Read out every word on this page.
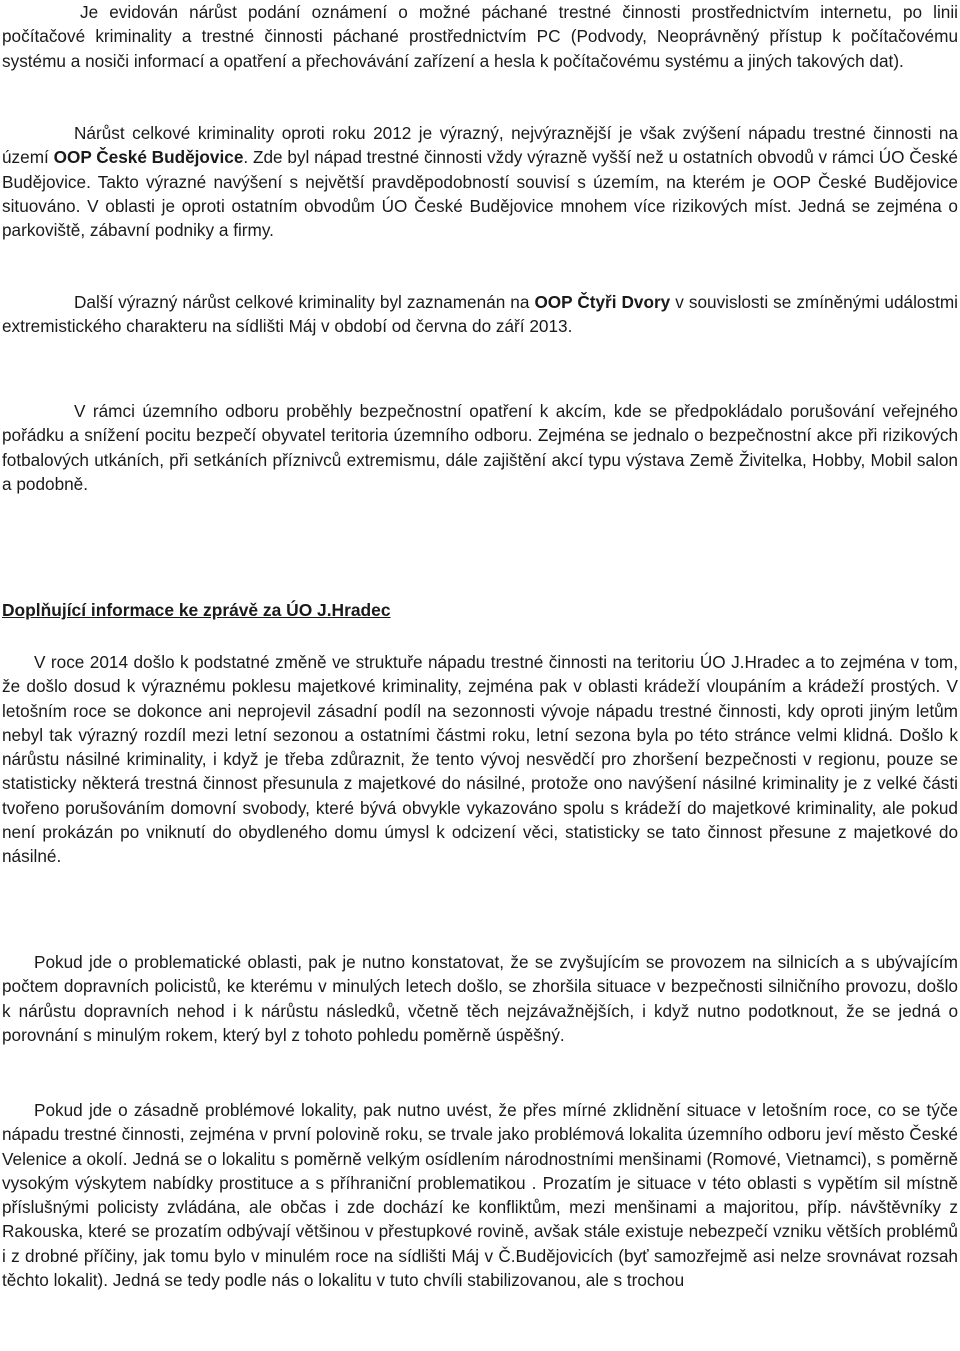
Je evidován nárůst podání oznámení o možné páchané trestné činnosti prostřednictvím internetu, po linii počítačové kriminality a trestné činnosti páchané prostřednictvím PC (Podvody, Neoprávněný přístup k počítačovému systému a nosiči informací a opatření a přechovávání zařízení a hesla k počítačovému systému a jiných takových dat).

Nárůst celkové kriminality oproti roku 2012 je výrazný, nejvýraznější je však zvýšení nápadu trestné činnosti na území OOP České Budějovice. Zde byl nápad trestné činnosti vždy výrazně vyšší než u ostatních obvodů v rámci ÚO České Budějovice. Takto výrazné navýšení s největší pravděpodobností souvisí s územím, na kterém je OOP České Budějovice situováno. V oblasti je oproti ostatním obvodům ÚO České Budějovice mnohem více rizikových míst. Jedná se zejména o parkoviště, zábavní podniky a firmy.

Další výrazný nárůst celkové kriminality byl zaznamenán na OOP Čtyři Dvory v souvislosti se zmíněnými událostmi extremistického charakteru na sídlišti Máj v období od června do září 2013.

V rámci územního odboru proběhly bezpečnostní opatření k akcím, kde se předpokládalo porušování veřejného pořádku a snížení pocitu bezpečí obyvatel teritoria územního odboru. Zejména se jednalo o bezpečnostní akce při rizikových fotbalových utkáních, při setkáních příznivců extremismu, dále zajištění akcí typu výstava Země Živitelka, Hobby, Mobil salon a podobně.

Doplňující informace ke zprávě za ÚO J.Hradec

V roce 2014 došlo k podstatné změně ve struktuře nápadu trestné činnosti na teritoriu ÚO J.Hradec a to zejména v tom, že došlo dosud k výraznému poklesu majetkové kriminality, zejména pak v oblasti krádeží vloupáním a krádeží prostých. V letošním roce se dokonce ani neprojevil zásadní podíl na sezonnosti vývoje nápadu trestné činnosti, kdy oproti jiným letům nebyl tak výrazný rozdíl mezi letní sezonou a ostatními částmi roku, letní sezona byla po této stránce velmi klidná. Došlo k nárůstu násilné kriminality, i když je třeba zdůraznit, že tento vývoj nesvědčí pro zhoršení bezpečnosti v regionu, pouze se statisticky některá trestná činnost přesunula z majetkové do násilné, protože ono navýšení násilné kriminality je z velké části tvořeno porušováním domovní svobody, které bývá obvykle vykazováno spolu s krádeží do majetkové kriminality, ale pokud není prokázán po vniknutí do obydleného domu úmysl k odcizení věci, statisticky se tato činnost přesune z majetkové do násilné.

Pokud jde o problematické oblasti, pak je nutno konstatovat, že se zvyšujícím se provozem na silnicích a s ubývajícím počtem dopravních policistů, ke kterému v minulých letech došlo, se zhoršila situace v bezpečnosti silničního provozu, došlo k nárůstu dopravních nehod i k nárůstu následků, včetně těch nejzávažnějších, i když nutno podotknout, že se jedná o porovnání s minulým rokem, který byl z tohoto pohledu poměrně úspěšný.

Pokud jde o zásadně problémové lokality, pak nutno uvést, že přes mírné zklidnění situace v letošním roce, co se týče nápadu trestné činnosti, zejména v první polovině roku, se trvale jako problémová lokalita územního odboru jeví město České Velenice a okolí. Jedná se o lokalitu s poměrně velkým osídlením národnostními menšinami (Romové, Vietnamci), s poměrně vysokým výskytem nabídky prostituce a s příhraniční problematikou . Prozatím je situace v této oblasti s vypětím sil místně příslušnými policisty zvládána, ale občas i zde dochází ke konfliktům, mezi menšinami a majoritou, příp. návštěvníky z Rakouska, které se prozatím odbývají většinou v přestupkové rovině, avšak stále existuje nebezpečí vzniku větších problémů i z drobné příčiny, jak tomu bylo v minulém roce na sídlišti Máj v Č.Budějovicích (byť samozřejmě asi nelze srovnávat rozsah těchto lokalit). Jedná se tedy podle nás o lokalitu v tuto chvíli stabilizovanou, ale s trochou
